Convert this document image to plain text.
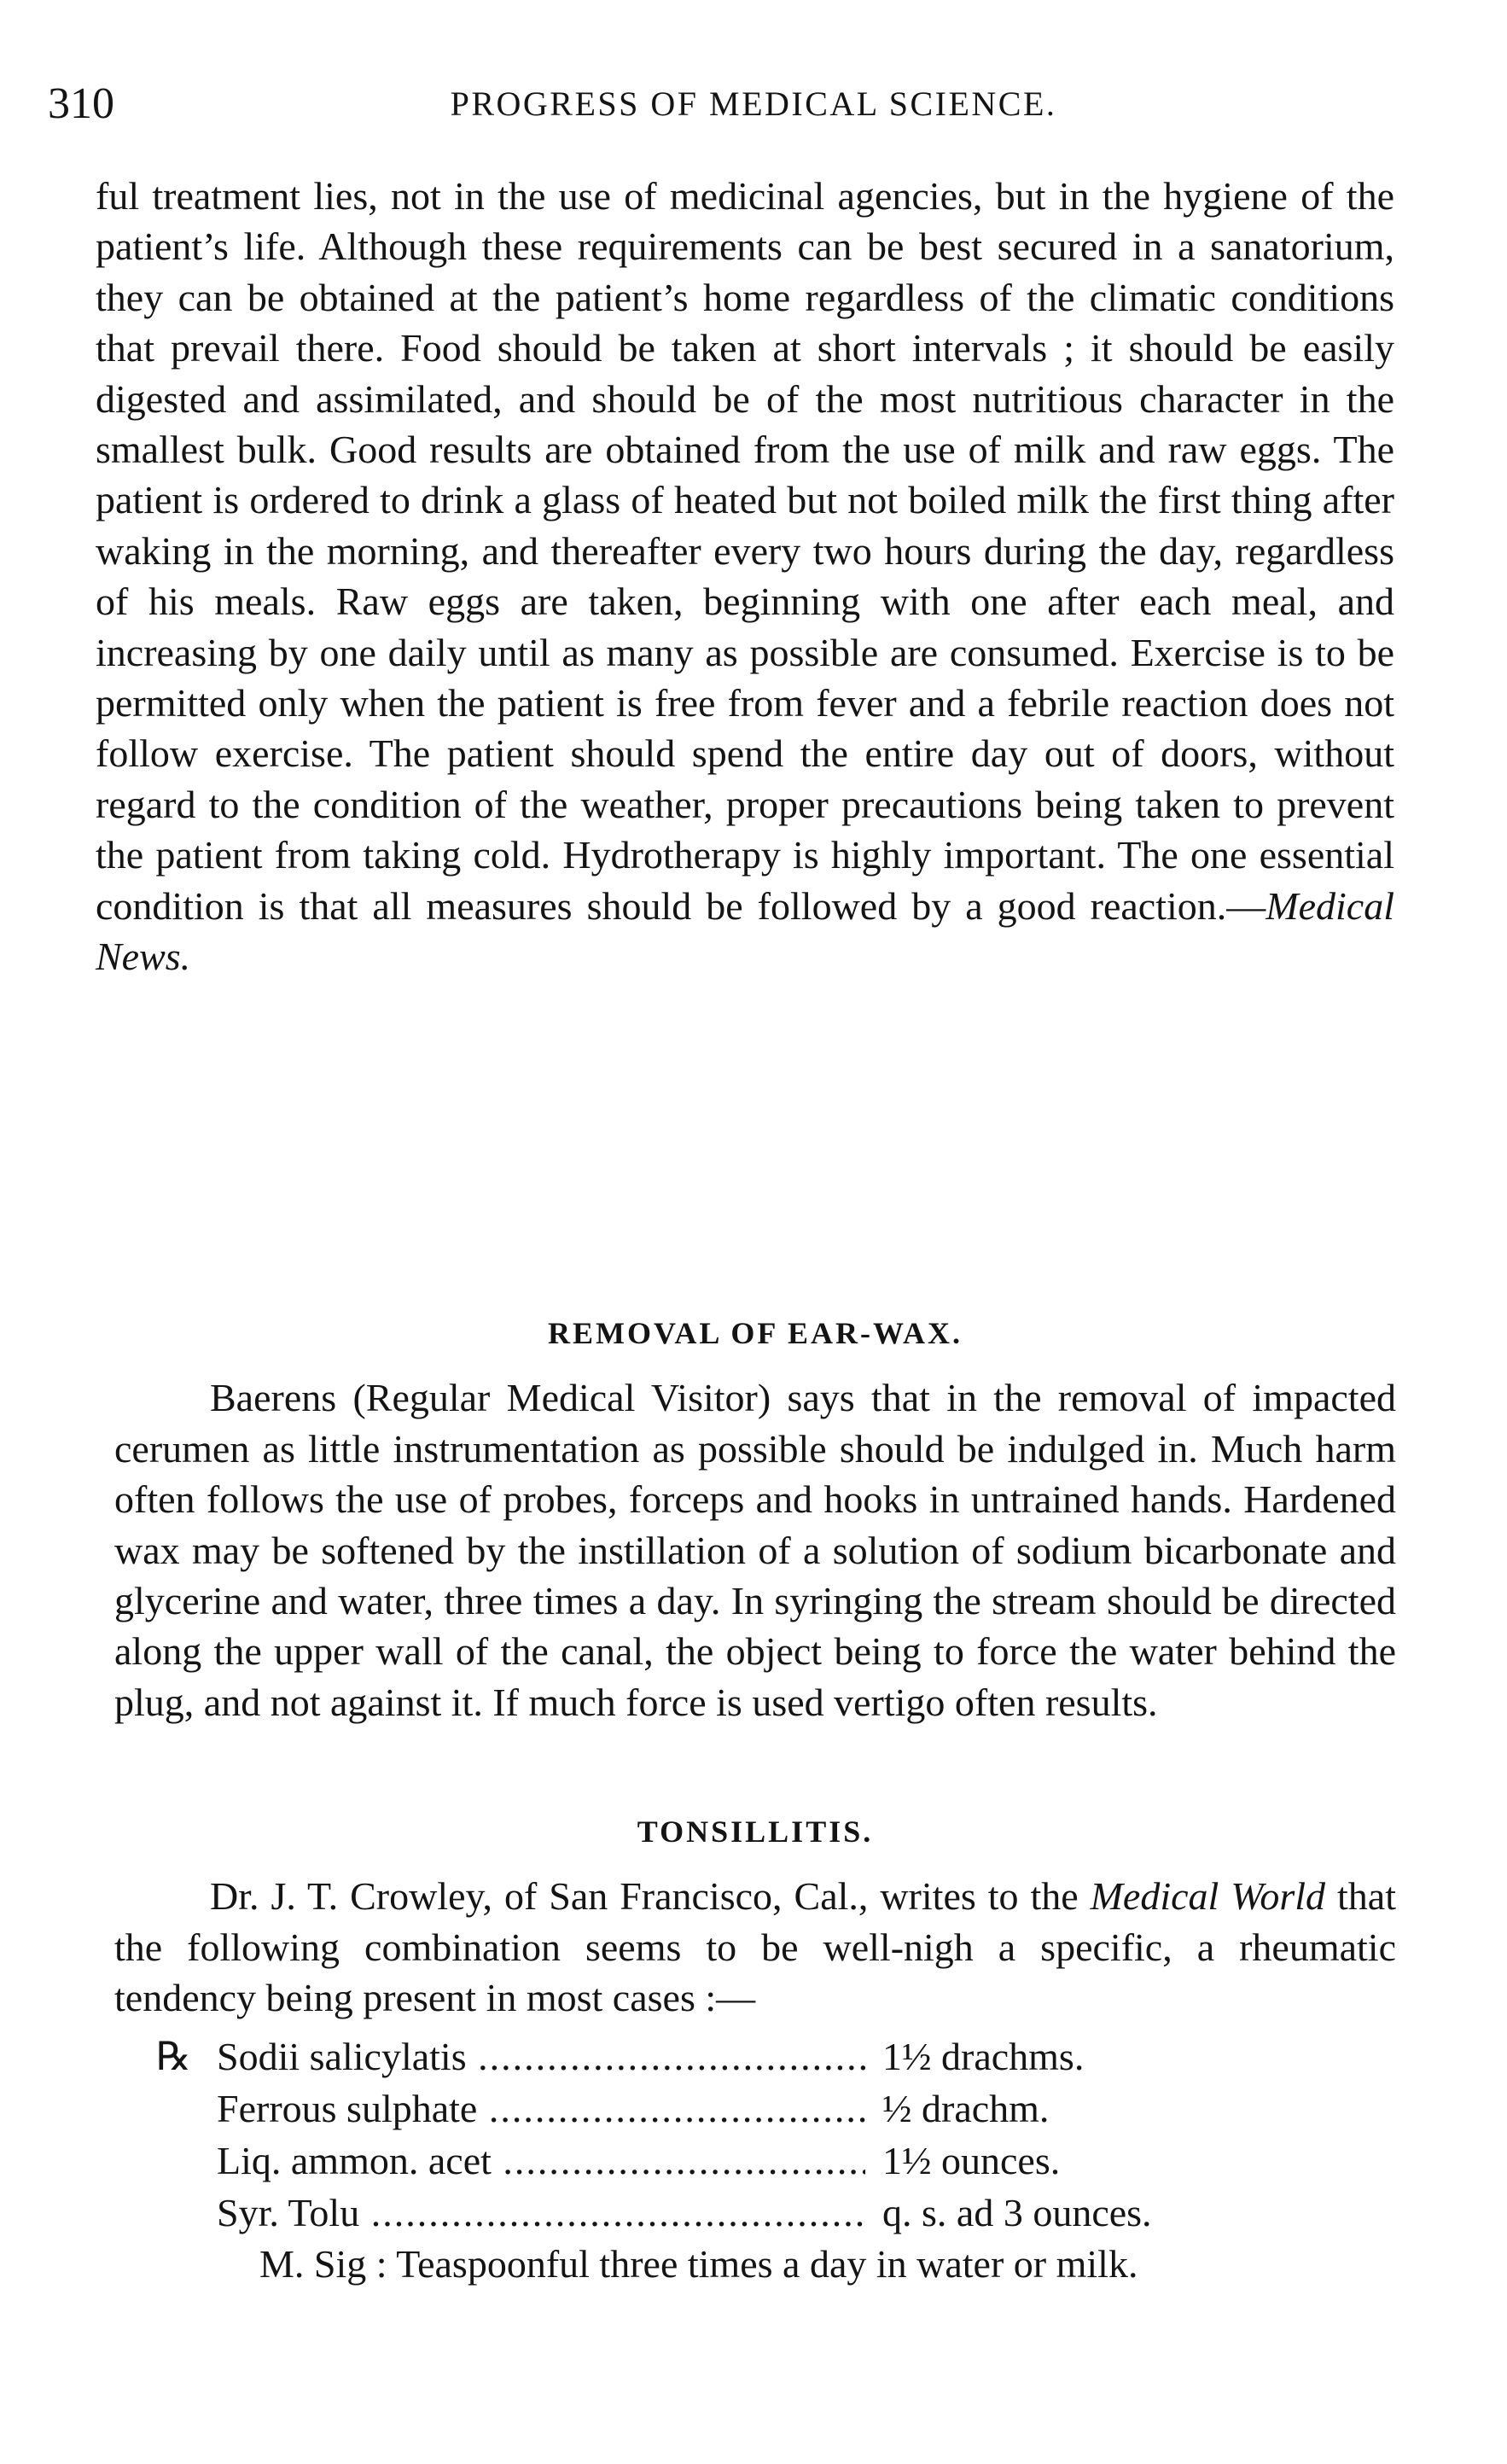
310	PROGRESS OF MEDICAL SCIENCE.

ful treatment lies, not in the use of medicinal agencies, but in the hygiene of the patient’s life. Although these requirements can be best secured in a sanatorium, they can be obtained at the patient’s home regardless of the climatic conditions that prevail there. Food should be taken at short intervals ; it should be easily digested and assimilated, and should be of the most nutritious character in the smallest bulk. Good results are obtained from the use of milk and raw eggs. The patient is ordered to drink a glass of heated but not boiled milk the first thing after waking in the morning, and thereafter every two hours during the day, regardless of his meals. Raw eggs are taken, beginning with one after each meal, and increasing by one daily until as many as possible are consumed. Exercise is to be permitted only when the patient is free from fever and a febrile reaction does not follow exercise. The patient should spend the entire day out of doors, without regard to the condition of the weather, proper precautions being taken to prevent the patient from taking cold. Hydrotherapy is highly important. The one essential condition is that all measures should be followed by a good reaction.—Medical News.

REMOVAL OF EAR-WAX.

Baerens (Regular Medical Visitor) says that in the removal of impacted cerumen as little instrumentation as possible should be indulged in. Much harm often follows the use of probes, forceps and hooks in untrained hands. Hardened wax may be softened by the instillation of a solution of sodium bicarbonate and glycerine and water, three times a day. In syringing the stream should be directed along the upper wall of the canal, the object being to force the water behind the plug, and not against it. If much force is used vertigo often results.

TONSILLITIS.

Dr. J. T. Crowley, of San Francisco, Cal., writes to the Medical World that the following combination seems to be well-nigh a specific, a rheumatic tendency being present in most cases :—

℞ Sodii salicylatis .....	1½ drachms.
Ferrous sulphate .....	½ drachm.
Liq. ammon. acet .....	1½ ounces.
Syr. Tolu .....	q. s. ad 3 ounces.

M. Sig : Teaspoonful three times a day in water or milk.
